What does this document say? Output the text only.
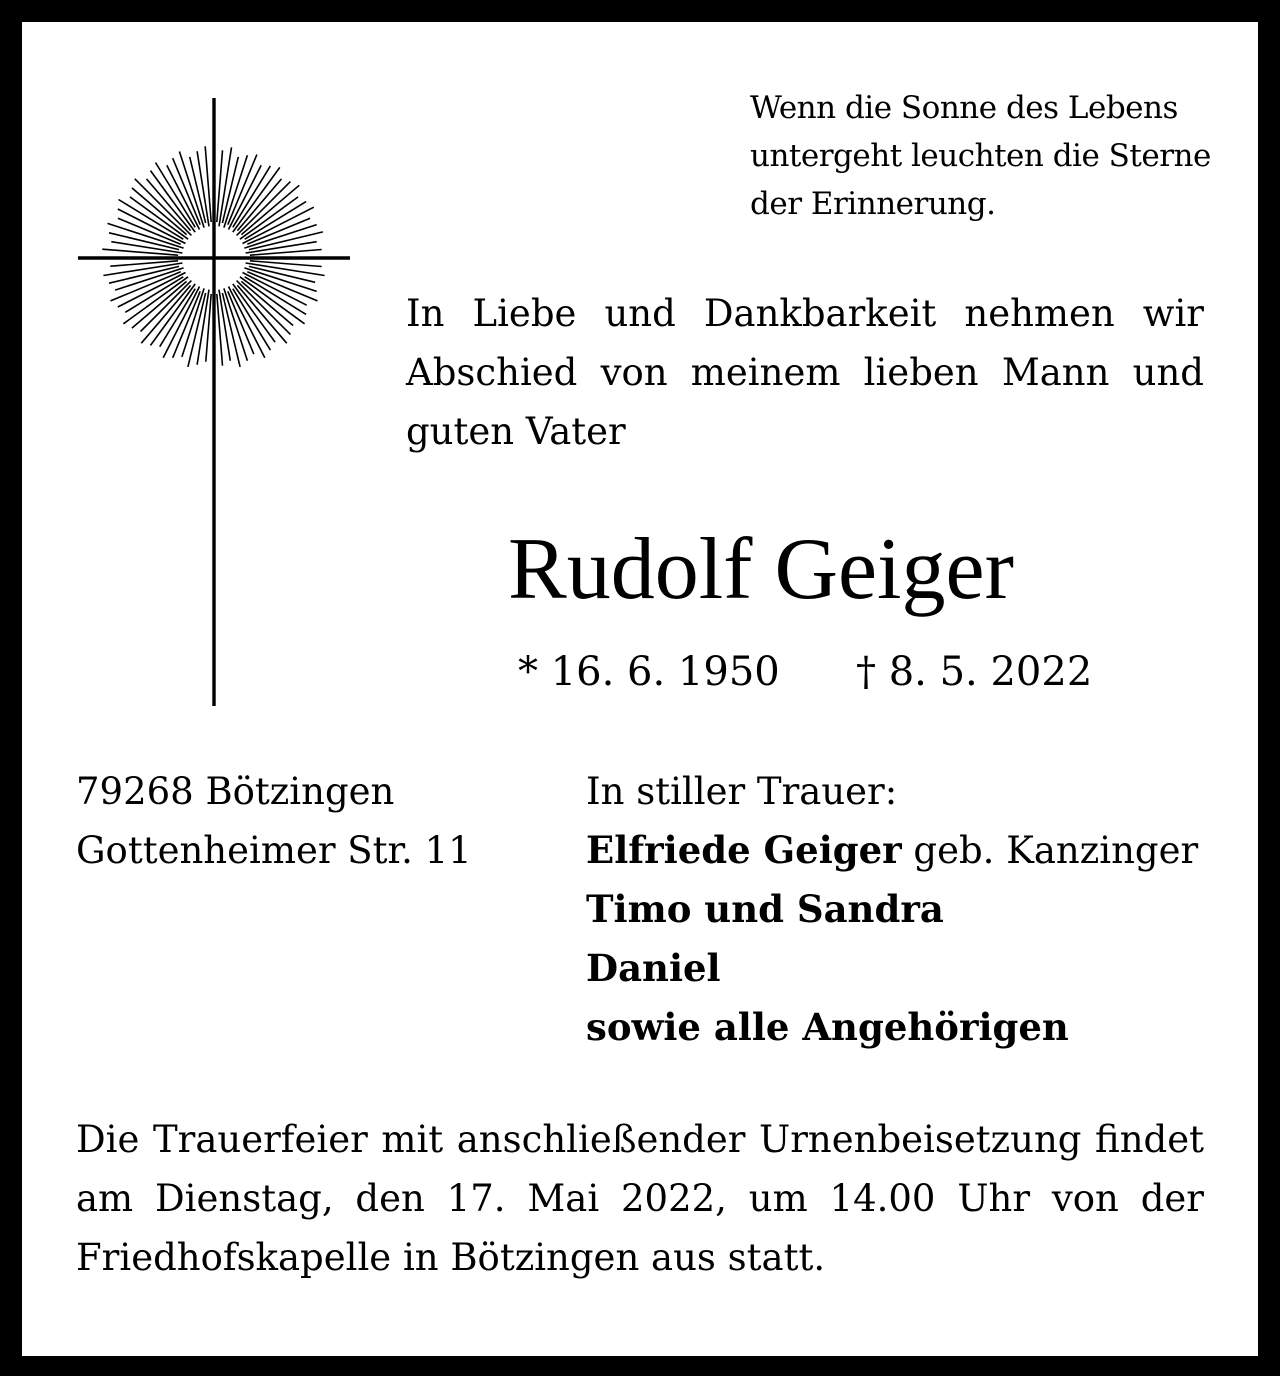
Wenn die Sonne des Lebens
untergeht leuchten die Sterne
der Erinnerung.
In Liebe und Dankbarkeit nehmen wir
Abschied von meinem lieben Mann und
guten Vater
Rudolf Geiger
* 16. 6. 1950 † 8. 5. 2022
79268 Bötzingen
Gottenheimer Str. 11
In stiller Trauer:
Elfriede Geiger geb. Kanzinger
Timo und Sandra
Daniel
sowie alle Angehörigen
Die Trauerfeier mit anschließender Urnenbeisetzung findet
am Dienstag, den 17. Mai 2022, um 14.00 Uhr von der
Friedhofskapelle in Bötzingen aus statt.
